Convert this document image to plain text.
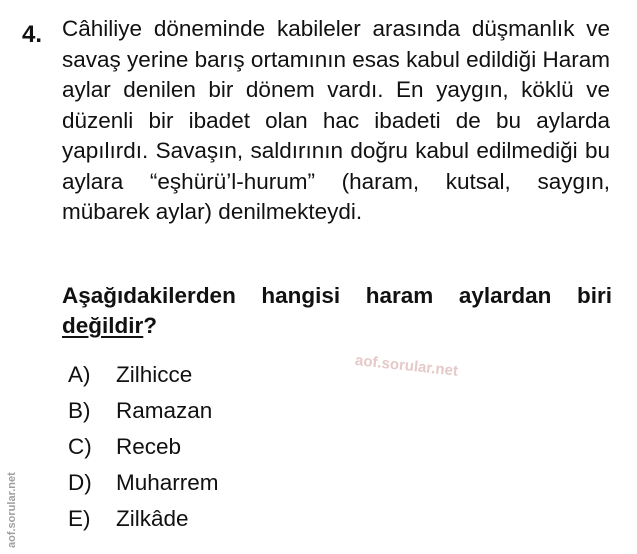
4. Câhiliye döneminde kabileler arasında düşmanlık ve savaş yerine barış ortamının esas kabul edildiği Haram aylar denilen bir dönem vardı. En yaygın, köklü ve düzenli bir ibadet olan hac ibadeti de bu aylarda yapılırdı. Savaşın, saldırının doğru kabul edilmediği bu aylara “eşhürü’l-hurum” (haram, kutsal, saygın, mübarek aylar) denilmekteydi.

Aşağıdakilerden hangisi haram aylardan biri değildir?

A)	Zilhicce
B)	Ramazan
C)	Receb
D)	Muharrem
E)	Zilkâde
aof.sorular.net
aof.sorular.net
